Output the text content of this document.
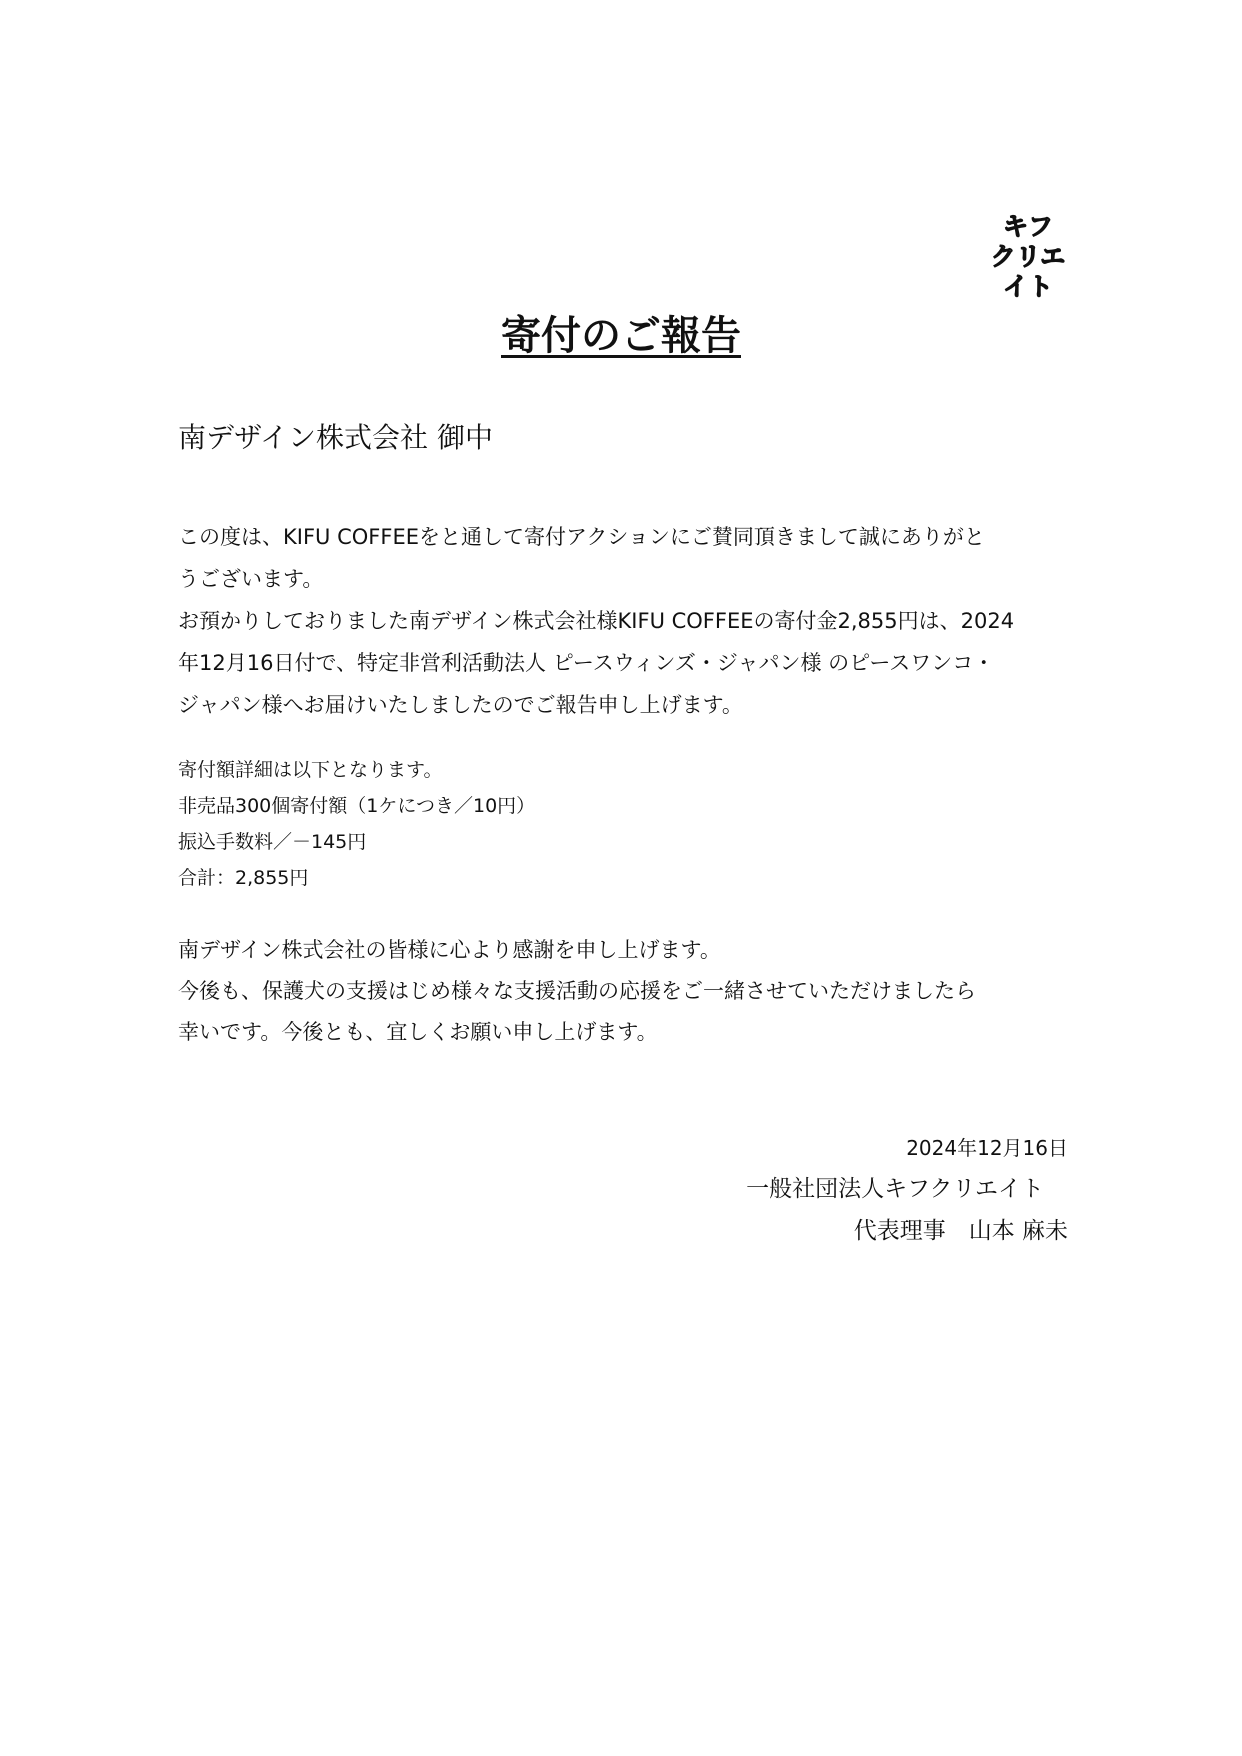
キフ
クリエ
イト
寄付のご報告

南デザイン株式会社 御中

この度は、KIFU COFFEEをと通して寄付アクションにご賛同頂きまして誠にありがと
うございます。
お預かりしておりました南デザイン株式会社様KIFU COFFEEの寄付金2,855円は、2024
年12月16日付で、特定非営利活動法人 ピースウィンズ・ジャパン様 のピースワンコ・
ジャパン様へお届けいたしましたのでご報告申し上げます。

寄付額詳細は以下となります。
非売品300個寄付額（1ケにつき／10円）
振込手数料／－145円
合計：2,855円

南デザイン株式会社の皆様に心より感謝を申し上げます。
今後も、保護犬の支援はじめ様々な支援活動の応援をご一緒させていただけましたら
幸いです。今後とも、宜しくお願い申し上げます。

2024年12月16日
一般社団法人キフクリエイト
代表理事　山本 麻未
